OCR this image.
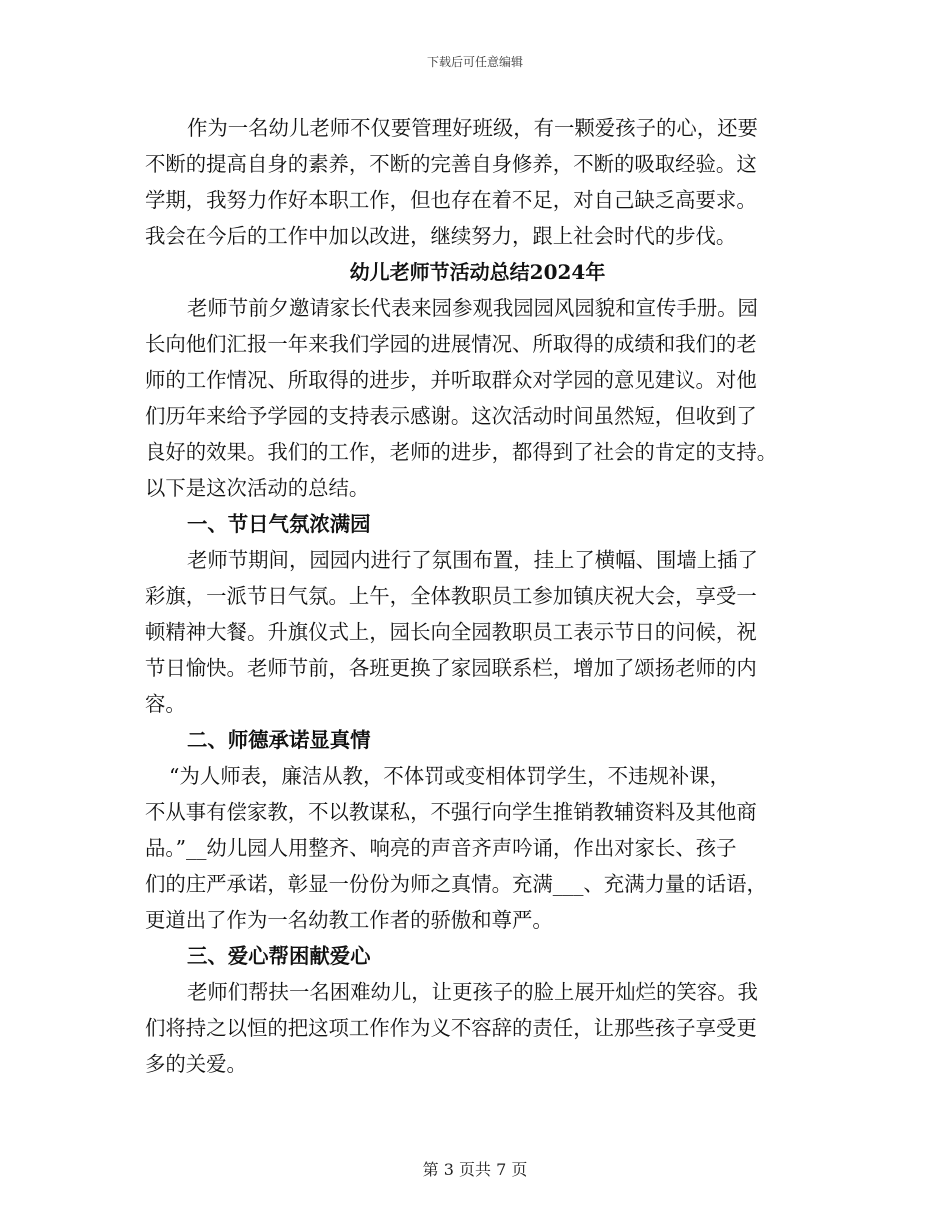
下载后可任意编辑
作为一名幼儿老师不仅要管理好班级，有一颗爱孩子的心，还要
不断的提高自身的素养，不断的完善自身修养，不断的吸取经验。这
学期，我努力作好本职工作，但也存在着不足，对自己缺乏高要求。
我会在今后的工作中加以改进，继续努力，跟上社会时代的步伐。
幼儿老师节活动总结2024年
老师节前夕邀请家长代表来园参观我园园风园貌和宣传手册。园
长向他们汇报一年来我们学园的进展情况、所取得的成绩和我们的老
师的工作情况、所取得的进步，并听取群众对学园的意见建议。对他
们历年来给予学园的支持表示感谢。这次活动时间虽然短，但收到了
良好的效果。我们的工作，老师的进步，都得到了社会的肯定的支持。
以下是这次活动的总结。
一、节日气氛浓满园
老师节期间，园园内进行了氛围布置，挂上了横幅、围墙上插了
彩旗，一派节日气氛。上午，全体教职员工参加镇庆祝大会，享受一
顿精神大餐。升旗仪式上，园长向全园教职员工表示节日的问候，祝
节日愉快。老师节前，各班更换了家园联系栏，增加了颂扬老师的内
容。
二、师德承诺显真情
“为人师表，廉洁从教，不体罚或变相体罚学生，不违规补课，
不从事有偿家教，不以教谋私，不强行向学生推销教辅资料及其他商
品。”__幼儿园人用整齐、响亮的声音齐声吟诵，作出对家长、孩子
们的庄严承诺，彰显一份份为师之真情。充满___、充满力量的话语，
更道出了作为一名幼教工作者的骄傲和尊严。
三、爱心帮困献爱心
老师们帮扶一名困难幼儿，让更孩子的脸上展开灿烂的笑容。我
们将持之以恒的把这项工作作为义不容辞的责任，让那些孩子享受更
多的关爱。
第 3 页共 7 页
